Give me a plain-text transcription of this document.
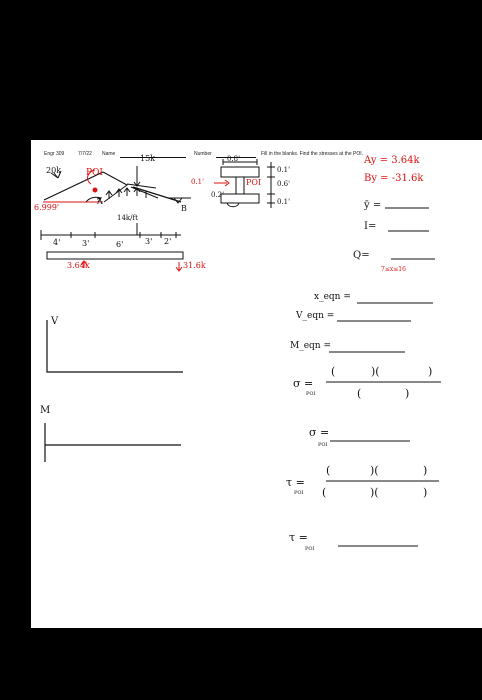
Engr 309	7/7/22 Name	Number	Fill in the blanks. Find the stresses at the POI.
20k	POI
15k
14k/ft
6.999'
A
B
4'	3'	6'	3' 2'
0.8'
0.1'	POI
0.2'
0.1'
0.6'
0.1'
Ay = 3.64k
By = -31.6k
ȳ =
I=
Q=
7≤x≤16
3.64k	31.6k
V
M
x_eqn =
V_eqn =
M_eqn =
σ =
POI
(	)(	)
(	)
σ =
POI
τ =
POI
(	)(	)
(	)(	)
τ =
POI
